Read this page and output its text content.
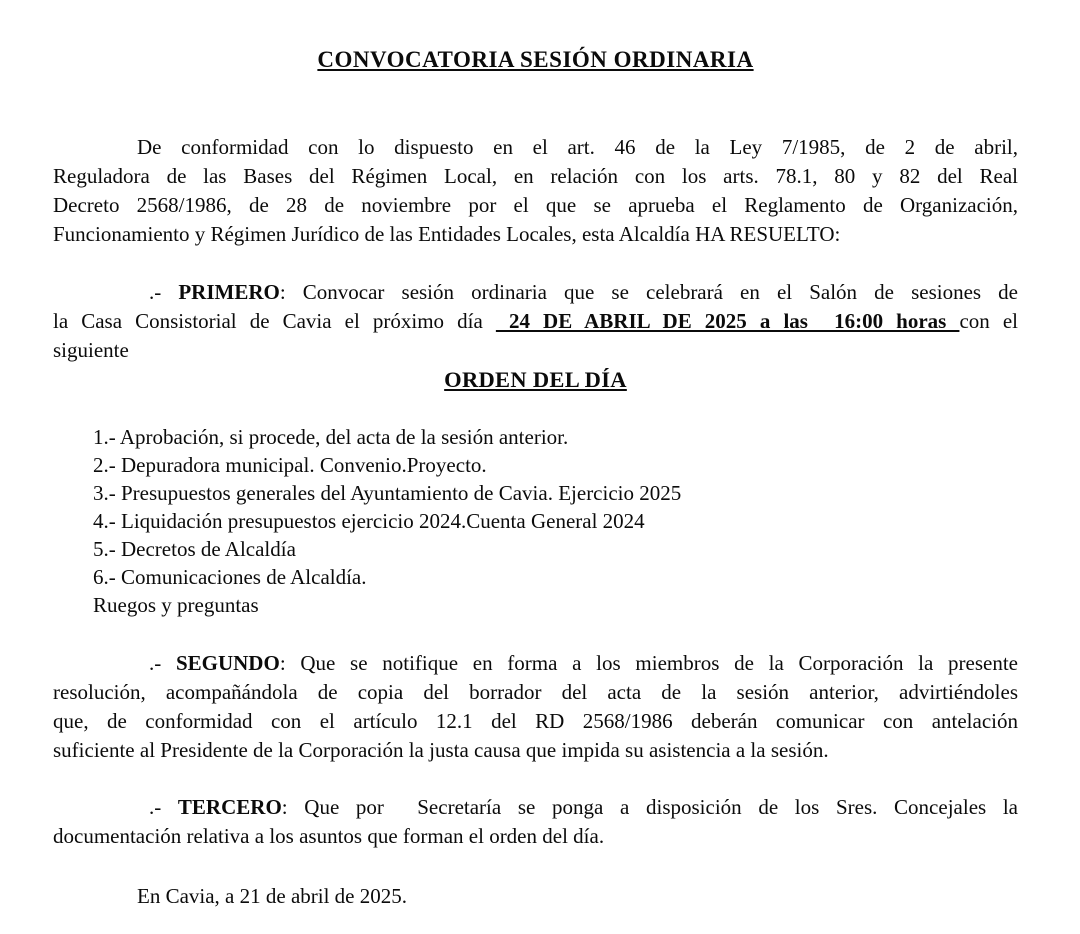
CONVOCATORIA SESIÓN ORDINARIA
De conformidad con lo dispuesto en el art. 46 de la Ley 7/1985, de 2 de abril,
Reguladora de las Bases del Régimen Local, en relación con los arts. 78.1, 80 y 82 del Real
Decreto 2568/1986, de 28 de noviembre por el que se aprueba el Reglamento de Organización,
Funcionamiento y Régimen Jurídico de las Entidades Locales, esta Alcaldía HA RESUELTO:
.- PRIMERO: Convocar sesión ordinaria que se celebrará en el Salón de sesiones de
la Casa Consistorial de Cavia el próximo día  24 DE ABRIL DE 2025 a las  16:00 horas con el
siguiente
ORDEN DEL DÍA
1.- Aprobación, si procede, del acta de la sesión anterior.
2.- Depuradora municipal. Convenio.Proyecto.
3.- Presupuestos generales del Ayuntamiento de Cavia. Ejercicio 2025
4.- Liquidación presupuestos ejercicio 2024.Cuenta General 2024
5.- Decretos de Alcaldía
6.- Comunicaciones de Alcaldía.
Ruegos y preguntas
.- SEGUNDO: Que se notifique en forma a los miembros de la Corporación la presente
resolución, acompañándola de copia del borrador del acta de la sesión anterior, advirtiéndoles
que, de conformidad con el artículo 12.1 del RD 2568/1986 deberán comunicar con antelación
suficiente al Presidente de la Corporación la justa causa que impida su asistencia a la sesión.
.- TERCERO: Que por  Secretaría se ponga a disposición de los Sres. Concejales la
documentación relativa a los asuntos que forman el orden del día.
En Cavia, a 21 de abril de 2025.
